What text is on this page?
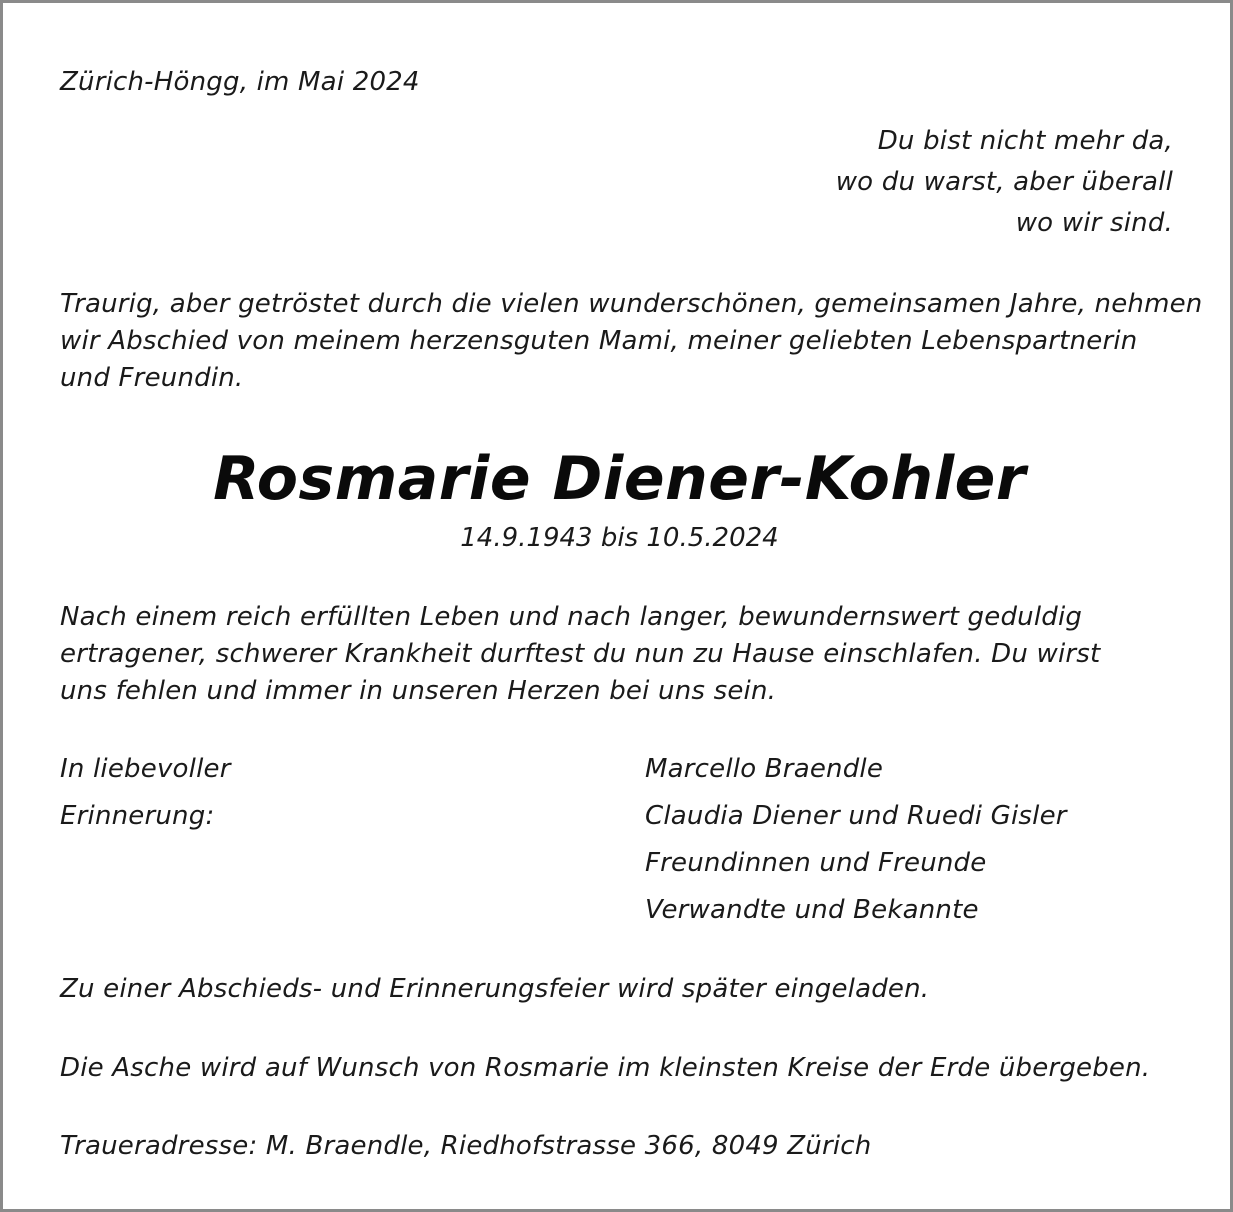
Zürich-Höngg, im Mai 2024
Du bist nicht mehr da,
wo du warst, aber überall
wo wir sind.
Traurig, aber getröstet durch die vielen wunderschönen, gemeinsamen Jahre, nehmen
wir Abschied von meinem herzensguten Mami, meiner geliebten Lebenspartnerin
und Freundin.
Rosmarie Diener-Kohler
14.9.1943 bis 10.5.2024
Nach einem reich erfüllten Leben und nach langer, bewundernswert geduldig
ertragener, schwerer Krankheit durftest du nun zu Hause einschlafen. Du wirst
uns fehlen und immer in unseren Herzen bei uns sein.
In liebevoller
Erinnerung:
Marcello Braendle
Claudia Diener und Ruedi Gisler
Freundinnen und Freunde
Verwandte und Bekannte
Zu einer Abschieds- und Erinnerungsfeier wird später eingeladen.
Die Asche wird auf Wunsch von Rosmarie im kleinsten Kreise der Erde übergeben.
Traueradresse: M. Braendle, Riedhofstrasse 366, 8049 Zürich
